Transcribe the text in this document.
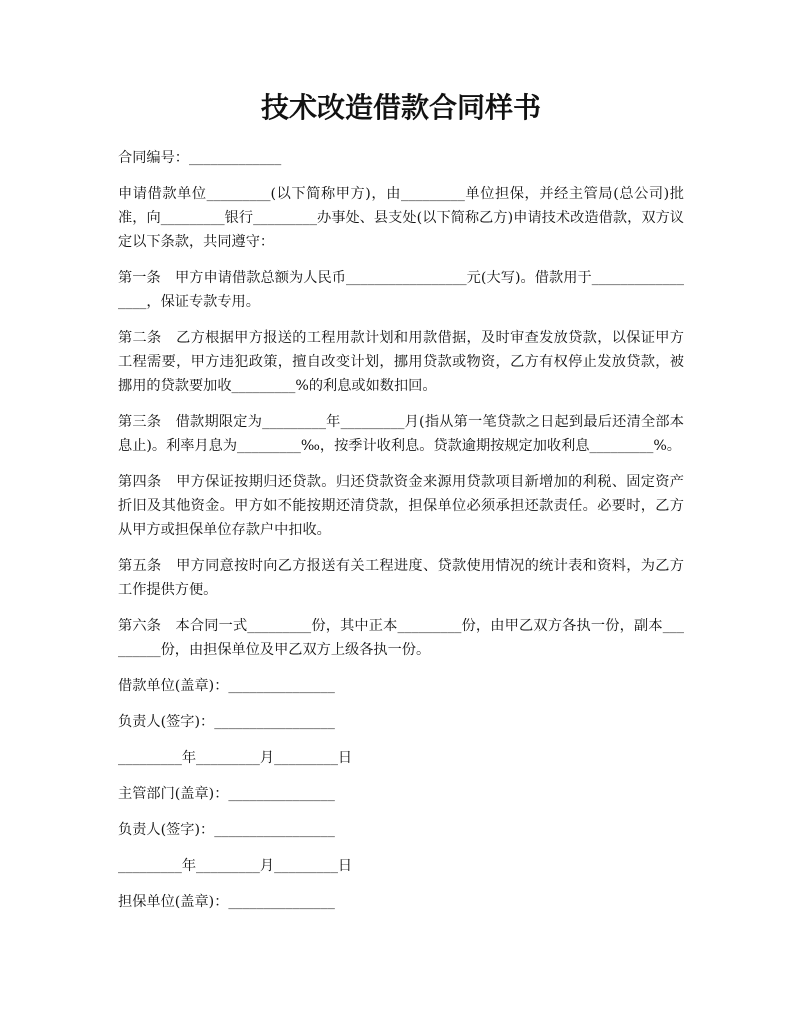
技术改造借款合同样书

合同编号：_____________

申请借款单位_________(以下简称甲方)，由_________单位担保，并经主管局(总公司)批准，向_________银行_________办事处、县支处(以下简称乙方)申请技术改造借款，双方议定以下条款，共同遵守：

第一条　甲方申请借款总额为人民币_________________元(大写)。借款用于_________________，保证专款专用。

第二条　乙方根据甲方报送的工程用款计划和用款借据，及时审查发放贷款，以保证甲方工程需要，甲方违犯政策，擅自改变计划，挪用贷款或物资，乙方有权停止发放贷款，被挪用的贷款要加收_________%的利息或如数扣回。

第三条　借款期限定为_________年_________月(指从第一笔贷款之日起到最后还清全部本息止)。利率月息为_________‰，按季计收利息。贷款逾期按规定加收利息_________%。

第四条　甲方保证按期归还贷款。归还贷款资金来源用贷款项目新增加的利税、固定资产折旧及其他资金。甲方如不能按期还清贷款，担保单位必须承担还款责任。必要时，乙方从甲方或担保单位存款户中扣收。

第五条　甲方同意按时向乙方报送有关工程进度、贷款使用情况的统计表和资料，为乙方工作提供方便。

第六条　本合同一式_________份，其中正本_________份，由甲乙双方各执一份，副本_________份，由担保单位及甲乙双方上级各执一份。

借款单位(盖章)：_______________

负责人(签字)：_________________

_________年_________月_________日

主管部门(盖章)：_______________

负责人(签字)：_________________

_________年_________月_________日

担保单位(盖章)：_______________
